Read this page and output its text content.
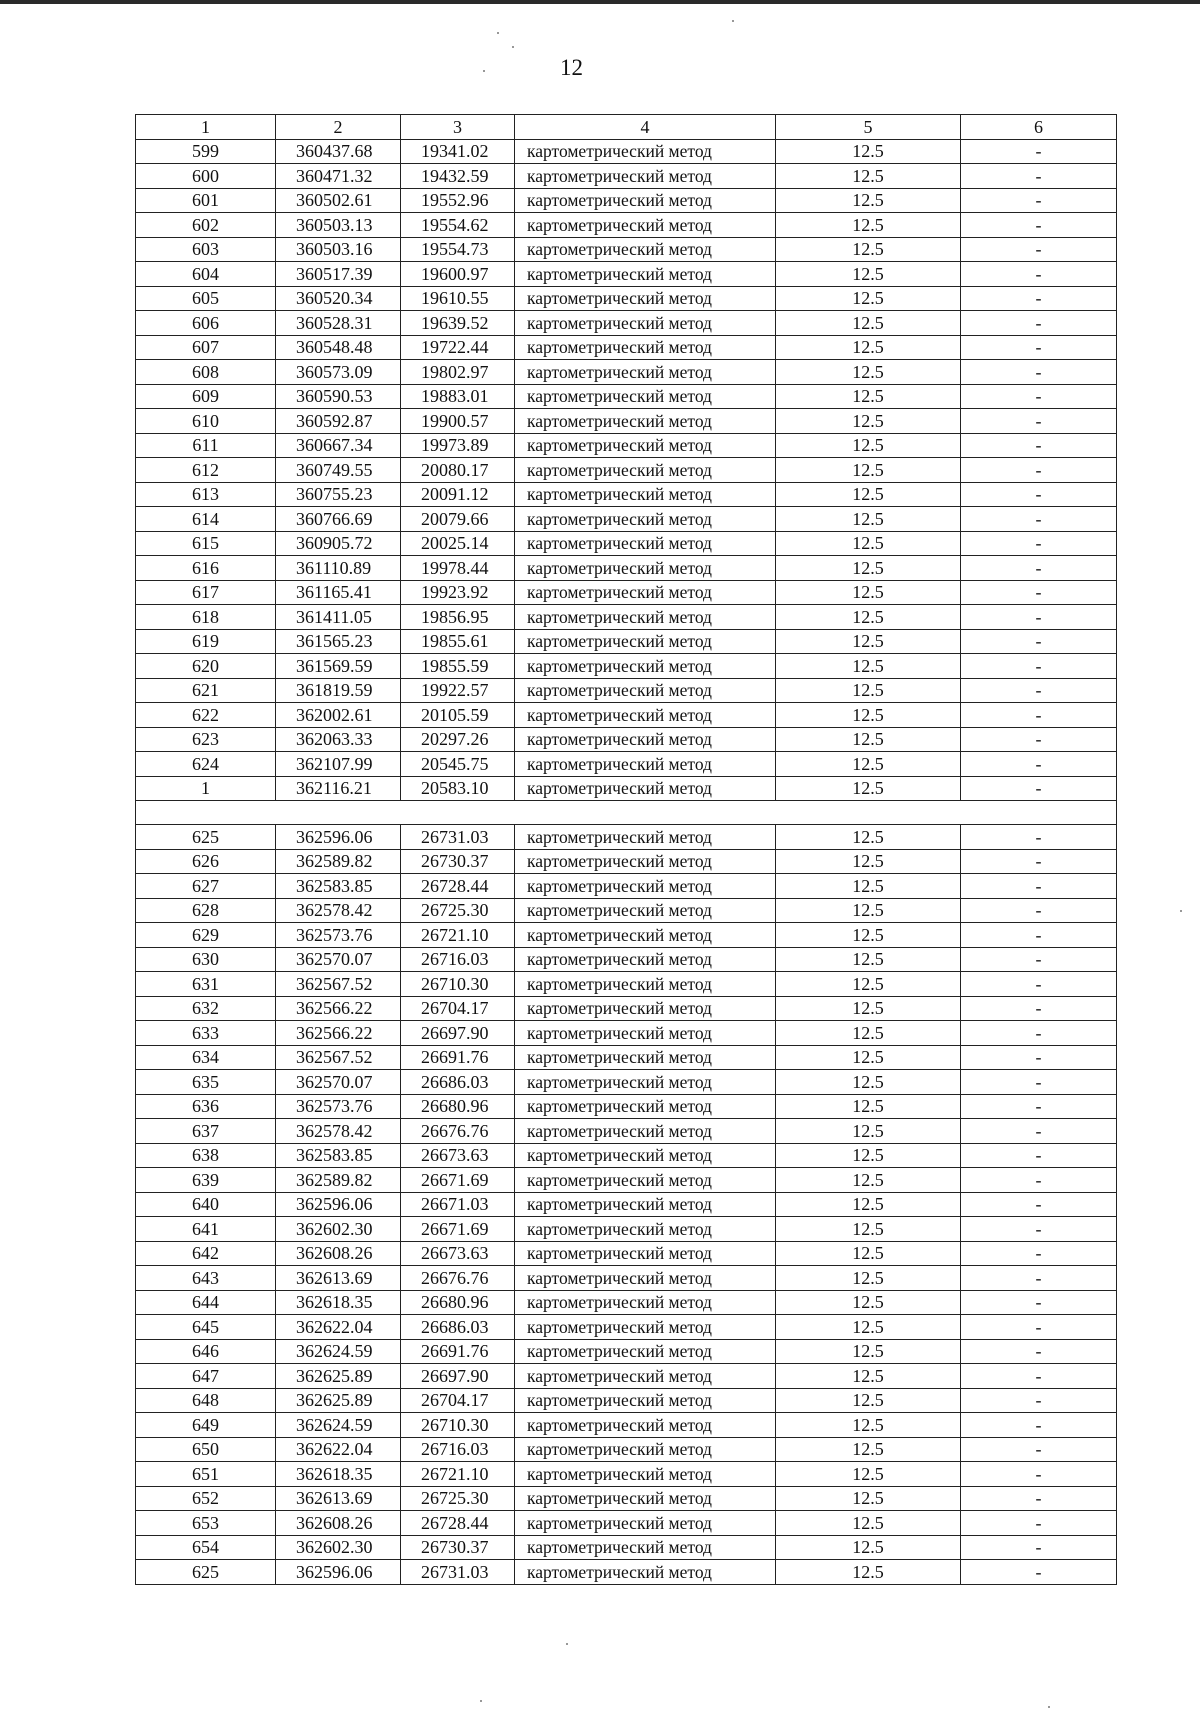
12
1	2	3	4	5	6
599	360437.68	19341.02	картометрический метод	12.5	-
600	360471.32	19432.59	картометрический метод	12.5	-
601	360502.61	19552.96	картометрический метод	12.5	-
602	360503.13	19554.62	картометрический метод	12.5	-
603	360503.16	19554.73	картометрический метод	12.5	-
604	360517.39	19600.97	картометрический метод	12.5	-
605	360520.34	19610.55	картометрический метод	12.5	-
606	360528.31	19639.52	картометрический метод	12.5	-
607	360548.48	19722.44	картометрический метод	12.5	-
608	360573.09	19802.97	картометрический метод	12.5	-
609	360590.53	19883.01	картометрический метод	12.5	-
610	360592.87	19900.57	картометрический метод	12.5	-
611	360667.34	19973.89	картометрический метод	12.5	-
612	360749.55	20080.17	картометрический метод	12.5	-
613	360755.23	20091.12	картометрический метод	12.5	-
614	360766.69	20079.66	картометрический метод	12.5	-
615	360905.72	20025.14	картометрический метод	12.5	-
616	361110.89	19978.44	картометрический метод	12.5	-
617	361165.41	19923.92	картометрический метод	12.5	-
618	361411.05	19856.95	картометрический метод	12.5	-
619	361565.23	19855.61	картометрический метод	12.5	-
620	361569.59	19855.59	картометрический метод	12.5	-
621	361819.59	19922.57	картометрический метод	12.5	-
622	362002.61	20105.59	картометрический метод	12.5	-
623	362063.33	20297.26	картометрический метод	12.5	-
624	362107.99	20545.75	картометрический метод	12.5	-
1	362116.21	20583.10	картометрический метод	12.5	-

625	362596.06	26731.03	картометрический метод	12.5	-
626	362589.82	26730.37	картометрический метод	12.5	-
627	362583.85	26728.44	картометрический метод	12.5	-
628	362578.42	26725.30	картометрический метод	12.5	-
629	362573.76	26721.10	картометрический метод	12.5	-
630	362570.07	26716.03	картометрический метод	12.5	-
631	362567.52	26710.30	картометрический метод	12.5	-
632	362566.22	26704.17	картометрический метод	12.5	-
633	362566.22	26697.90	картометрический метод	12.5	-
634	362567.52	26691.76	картометрический метод	12.5	-
635	362570.07	26686.03	картометрический метод	12.5	-
636	362573.76	26680.96	картометрический метод	12.5	-
637	362578.42	26676.76	картометрический метод	12.5	-
638	362583.85	26673.63	картометрический метод	12.5	-
639	362589.82	26671.69	картометрический метод	12.5	-
640	362596.06	26671.03	картометрический метод	12.5	-
641	362602.30	26671.69	картометрический метод	12.5	-
642	362608.26	26673.63	картометрический метод	12.5	-
643	362613.69	26676.76	картометрический метод	12.5	-
644	362618.35	26680.96	картометрический метод	12.5	-
645	362622.04	26686.03	картометрический метод	12.5	-
646	362624.59	26691.76	картометрический метод	12.5	-
647	362625.89	26697.90	картометрический метод	12.5	-
648	362625.89	26704.17	картометрический метод	12.5	-
649	362624.59	26710.30	картометрический метод	12.5	-
650	362622.04	26716.03	картометрический метод	12.5	-
651	362618.35	26721.10	картометрический метод	12.5	-
652	362613.69	26725.30	картометрический метод	12.5	-
653	362608.26	26728.44	картометрический метод	12.5	-
654	362602.30	26730.37	картометрический метод	12.5	-
625	362596.06	26731.03	картометрический метод	12.5	-
